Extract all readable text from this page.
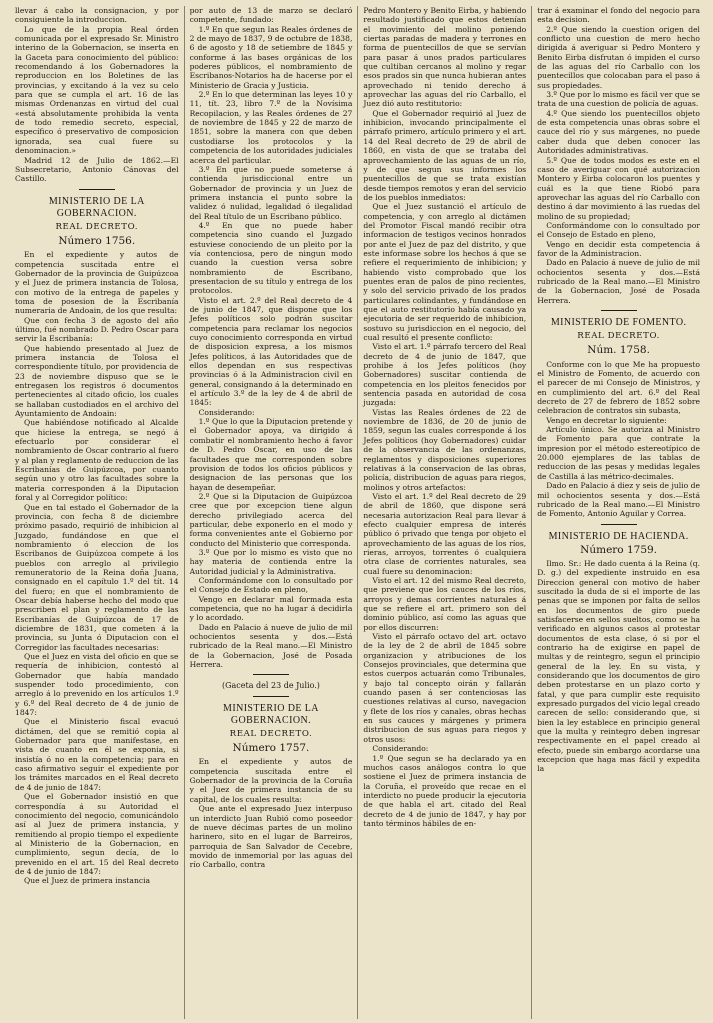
llevar á cabo la consignacion, y por consiguiente la introduccion.

Lo que de la propia Real órden comunicada por el expresado Sr. Ministro interino de la Gobernacion, se inserta en la Gaceta para conocimiento del público: recomendando á los Gobernadores la reproduccion en los Boletines de las provincias, y excitando á la vez su celo para que se cumpla el art. 16 de las mismas Ordenanzas en virtud del cual «está absolutamente prohibida la venta de todo remedio secreto, especial, específico ó preservativo de composicion ignorada, sea cual fuere su denominacion.»

Madrid 12 de Julio de 1862.—El Subsecretario, Antonio Cánovas del Castillo.

MINISTERIO DE LA GOBERNACION.
REAL DECRETO.
Número 1756.

En el expediente y autos de competencia suscitada entre el Gobernador de la provincia de Guipúzcoa y el Juez de primera instancia de Tolosa, con motivo de la entrega de papeles y toma de posesion de la Escribanía numeraria de Andoain, de los que resulta:

Que con fecha 3 de agosto del año último, fué nombrado D. Pedro Oscar para servir la Escribanía:

Que habiendo presentado al Juez de primera instancia de Tolosa el correspondiente título, por providencia de 23 de noviembre dispuso que se le entregasen los registros ó documentos pertenecientes al citado oficio, los cuales se hallaban custodiados en el archivo del Ayuntamiento de Andoain:

Que habiéndose notificado al Alcalde que hiciese la entrega, se negó á efectuarlo por considerar el nombramiento de Oscar contrario al fuero y al plan y reglamento de reduccion de las Escribanías de Guipúzcoa, por cuanto según uno y otro las facultades sobre la materia corresponden á la Diputacion foral y al Corregidor político:

Que en tal estado el Gobernador de la provincia, con fecha 8 de diciembre próximo pasado, requirió de inhibicion al Juzgado, fundándose en que el nombramiento ó eleccion de los Escribanos de Guipúzcoa compete á los pueblos con arreglo al privilegio remuneratorio de la Reina doña Juana, consignado en el capítulo 1.º del tít. 14 del fuero; en que el nombramiento de Oscar debía haberse hecho del modo que prescriben el plan y reglamento de las Escribanías de Guipúzcoa de 17 de diciembre de 1831, que cometen á la provincia, su Junta ó Diputacion con el Corregidor las facultades necesarias:

Que el Juez en vista del oficio en que se requería de inhibicion, contestó al Gobernador que había mandado suspender todo procedimiento, con arreglo á lo prevenido en los artículos 1.º y 6.º del Real decreto de 4 de junio de 1847:

Que el Ministerio fiscal evacuó dictámen, del que se remitió copia al Gobernador para que manifestase, en vista de cuanto en él se exponia, si insistía ó no en la competencia; para en caso afirmativo seguir el expediente por los trámites marcados en el Real decreto de 4 de junio de 1847:

Que el Gobernador insistió en que correspondía á su Autoridad el conocimiento del negocio, comunicándolo así al Juez de primera instancia, y remitiendo al propio tiempo el expediente al Ministerio de la Gobernacion, en cumplimiento, segun decía, de lo prevenido en el art. 15 del Real decreto de 4 de junio de 1847:

Que el Juez de primera instancia

por auto de 13 de marzo se declaró competente, fundado:

1.º En que segun las Reales órdenes de 2 de mayo de 1837, 9 de octubre de 1838, 6 de agosto y 18 de setiembre de 1845 y conforme á las bases orgánicas de los poderes públicos, el nombramiento de Escribanos-Notarios ha de hacerse por el Ministerio de Gracia y Justicia.

2.º En lo que determinan las leyes 10 y 11, tít. 23, libro 7.º de la Novísima Recopilacion, y las Reales órdenes de 27 de noviembre de 1845 y 22 de marzo de 1851, sobre la manera con que deben custodiarse los protocolos y la competencia de los autoridades judiciales acerca del particular.

3.º En que no puede someterse á contienda jurisdiccional entre un Gobernador de provincia y un Juez de primera instancia el punto sobre la validez ó nulidad, legalidad ó ilegalidad del Real título de un Escribano público.

4.º En que no puede haber competencia sino cuando el Juzgado estuviese conociendo de un pleito por la vía contenciosa, pero de ningun modo cuando la cuestion versa sobre nombramiento de Escribano, presentacion de su título y entrega de los protocolos.

Visto el art. 2.º del Real decreto de 4 de junio de 1847, que dispone que los Jefes políticos solo podrán suscitar competencia para reclamar los negocios cuyo conocimiento corresponda en virtud de disposicion expresa, a los mismos Jefes políticos, á las Autoridades que de ellos dependan en sus respectivas provincias ó á la Administracion civil en general, consignando á la determinado en el artículo 3.º de la ley de 4 de abril de 1845:

Considerando:

1.º Que lo que la Diputacion pretende y el Gobernador apoya, va dirigido á combatir el nombramiento hecho á favor de D. Pedro Oscar, en uso de las facultades que me corresponden sobre provision de todos los oficios públicos y designacion de las personas que los hayan de desempeñar.

2.º Que si la Diputacion de Guipúzcoa cree que por excepcion tiene algun derecho privilegiado acerca del particular, debe exponerlo en el modo y forma convenientes ante el Gobierno por conducto del Ministerio que corresponda.

3.º Que por lo mismo es visto que no hay materia de contienda entre la Autoridad judicial y la Administrativa.

Conformándome con lo consultado por el Consejo de Estado en pleno,

Vengo en declarar mal formada esta competencia, que no ha lugar á decidirla y lo acordado.

Dado en Palacio á nueve de julio de mil ochocientos sesenta y dos.—Está rubricado de la Real mano.—El Ministro de la Gobernacion, José de Posada Herrera.

(Gaceta del 23 de Julio.)
MINISTERIO DE LA GOBERNACION.
REAL DECRETO.
Número 1757.

En el expediente y autos de competencia suscitada entre el Gobernador de la provincia de la Coruña y el Juez de primera instancia de su capital, de los cuales resulta:

Que ante el expresado Juez interpuso un interdicto Juan Rubió como poseedor de nueve décimas partes de un molino harinero, sito en el lugar de Barreiros, parroquia de San Salvador de Cecebre, movido de inmemorial por las aguas del río Carballo, contra

Pedro Montero y Benito Eirba, y habiendo resultado justificado que estos detenían el movimiento del molino poniendo ciertas paradas de madera y terrones en forma de puentecillos de que se servían para pasar á unos prados particulares que cultiban cercanos al molino y regar esos prados sin que nunca hubieran antes aprovechado ni tenido derecho á aprovechar las aguas del río Carballo, el Juez dió auto restitutorio:

Que el Gobernador requirió al Juez de inhibicion, invocando principalmente el párrafo primero, artículo primero y el art. 14 del Real decreto de 29 de abril de 1860, en vista de que se trataba del aprovechamiento de las aguas de un río, y de que segun sus informes los puentecillos de que se trata existían desde tiempos remotos y eran del servicio de los pueblos inmediatos:

Que el Juez sustanció el artículo de competencia, y con arreglo al dictámen del Promotor Fiscal mandó recibir otra informacion de testigos vecinos honrados por ante el Juez de paz del distrito, y que este informase sobre los hechos á que se refiere el requerimiento de inhibicion; y habiendo visto comprobado que los puentes eran de palos de pino recientes, y solo del servicio privado de los prados particulares colindantes, y fundándose en que el auto restitutorio había causado ya ejecutoria de ser requerido de inhibicion, sostuvo su jurisdiccion en el negocio, del cual resultó el presente conflicto:

Visto el art. 1.º párrafo tercero del Real decreto de 4 de junio de 1847, que prohibe á los Jefes políticos (hoy Gobernadores) suscitar contienda de competencia en los pleitos fenecidos por sentencia pasada en autoridad de cosa juzgada:

Vistas las Reales órdenes de 22 de noviembre de 1836, de 20 de junio de 1859, segun las cuales corresponde á los Jefes políticos (hoy Gobernadores) cuidar de la observancia de las ordenanzas, reglamentos y disposiciones superiores relativas á la conservacion de las obras, policía, distribucion de aguas para riegos, molinos y otros artefactos:

Visto el art. 1.º del Real decreto de 29 de abril de 1860, que dispone será necesaria autorizacion Real para llevar á efecto cualquier empresa de interés público ó privado que tenga por objeto el aprovechamiento de las aguas de los ríos, rieras, arroyos, torrentes ó cualquiera otra clase de corrientes naturales, sea cual fuere su denominacion:

Visto el art. 12 del mismo Real decreto, que previene que los cauces de los ríos, arroyos y demas corrientes naturales á que se refiere el art. primero son del dominio público, así como las aguas que por ellos discurren:

Visto el párrafo octavo del art. octavo de la ley de 2 de abril de 1845 sobre organizacion y atribuciones de los Consejos provinciales, que determina que estos cuerpos actuarán como Tribunales, y bajo tal concepto oirán y fallarán cuando pasen á ser contenciosas las cuestiones relativas al curso, navegacion y flete de los ríos y canales, obras hechas en sus cauces y márgenes y primera distribucion de sus aguas para riegos y otros usos:

Considerando:

1.º Que segun se ha declarado ya en muchos casos análogos contra lo que sostiene el Juez de primera instancia de la Coruña, el proveído que recae en el interdicto no puede producir la ejecutoria de que habla el art. citado del Real decreto de 4 de junio de 1847, y hay por tanto términos hábiles de en-

trar á examinar el fondo del negocio para esta decision.

2.º Que siendo la cuestion origen del conflicto una cuestion de mero hecho dirigida á averiguar si Pedro Montero y Benito Eirba disfrutan ó impiden el curso de las aguas del río Carballo con los puentecillos que colocaban para el paso á sus propiedades.

3.º Que por lo mismo es fácil ver que se trata de una cuestion de policía de aguas.

4.º Que siendo los puentecillos objeto de esta competencia unas obras sobre el cauce del río y sus márgenes, no puede caber duda que deben conocer las Autoridades administrativas.

5.º Que de todos modos es este en el caso de averiguar con qué autorizacion Montero y Eirba colocaron los puentes y cuál es la que tiene Riobó para aprovechar las aguas del río Carballo con destino á dar movimiento á las ruedas del molino de su propiedad;

Conformándome con lo consultado por el Consejo de Estado en pleno,

Vengo en decidir esta competencia á favor de la Administracion.

Dado en Palacio á nueve de julio de mil ochocientos sesenta y dos.—Está rubricado de la Real mano.—El Ministro de la Gobernacion, José de Posada Herrera.

MINISTERIO DE FOMENTO.
REAL DECRETO.
Núm. 1758.

Conforme con lo que Me ha propuesto el Ministro de Fomento, de acuerdo con el parecer de mi Consejo de Ministros, y en cumplimiento del art. 6.º del Real decreto de 27 de febrero de 1852 sobre celebracion de contratos sin subasta,

Vengo en decretar lo siguiente:

Artículo único. Se autoriza al Ministro de Fomento para que contrate la impresion por el método estereotípico de 20.000 ejemplares de las tablas de reduccion de las pesas y medidas legales de Castilla á las métrico-decimales.

Dado en Palacio á diez y seis de julio de mil ochocientos sesenta y dos.—Está rubricado de la Real mano.—El Ministro de Fomento, Antonio Aguilar y Correa.

MINISTERIO DE HACIENDA.
Número 1759.

Ilmo. Sr.: He dado cuenta á la Reina (q. D. g.) del expediente instruido en esa Direccion general con motivo de haber suscitado la duda de si el importe de las penas que se imponen por falta de sellos en los documentos de giro puede satisfacerse en sellos sueltos, como se ha verificado en algunos casos al protestar documentos de esta clase, ó si por el contrario ha de exigirse en papel de multas y de reintegro, segun el principio general de la ley. En su vista, y considerando que los documentos de giro deben protestarse en un plazo corto y fatal, y que para cumplir este requisito expresado purgados del vicio legal creado carecen de sello: considerando que, si bien la ley establece en principio general que la multa y reintegro deben ingresar respectivamente en el papel creado al efecto, puede sin embargo acordarse una excepcion que haga mas fácil y expedita la
